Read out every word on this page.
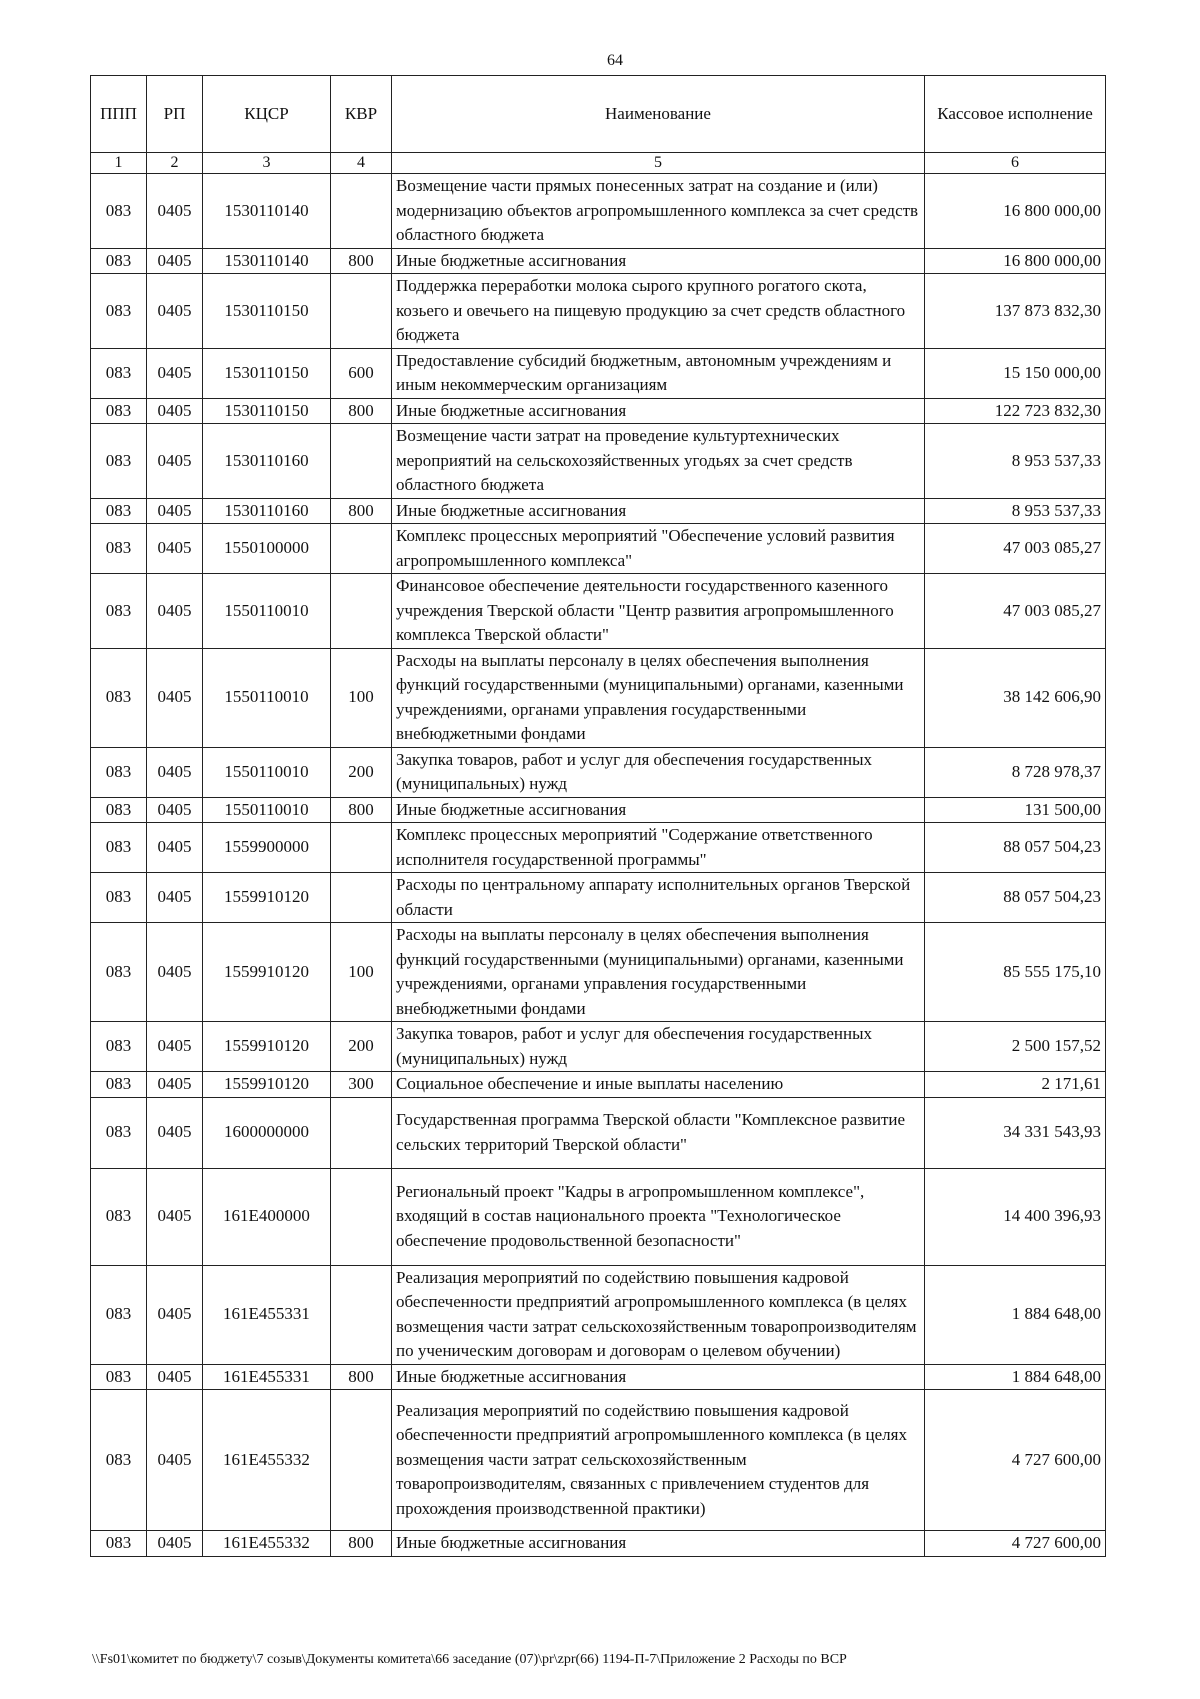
64
ППП	РП	КЦСР	КВР	Наименование	Кассовое исполнение
1	2	3	4	5	6
083	0405	1530110140		Возмещение части прямых понесенных затрат на создание и (или) модернизацию объектов агропромышленного комплекса за счет средств областного бюджета	16 800 000,00
083	0405	1530110140	800	Иные бюджетные ассигнования	16 800 000,00
083	0405	1530110150		Поддержка переработки молока сырого крупного рогатого скота, козьего и овечьего на пищевую продукцию за счет средств областного бюджета	137 873 832,30
083	0405	1530110150	600	Предоставление субсидий бюджетным, автономным учреждениям и иным некоммерческим организациям	15 150 000,00
083	0405	1530110150	800	Иные бюджетные ассигнования	122 723 832,30
083	0405	1530110160		Возмещение части затрат на проведение культуртехнических мероприятий на сельскохозяйственных угодьях за счет средств областного бюджета	8 953 537,33
083	0405	1530110160	800	Иные бюджетные ассигнования	8 953 537,33
083	0405	1550100000		Комплекс процессных мероприятий "Обеспечение условий развития агропромышленного комплекса"	47 003 085,27
083	0405	1550110010		Финансовое обеспечение деятельности государственного казенного учреждения Тверской области "Центр развития агропромышленного комплекса Тверской области"	47 003 085,27
083	0405	1550110010	100	Расходы на выплаты персоналу в целях обеспечения выполнения функций государственными (муниципальными) органами, казенными учреждениями, органами управления государственными внебюджетными фондами	38 142 606,90
083	0405	1550110010	200	Закупка товаров, работ и услуг для обеспечения государственных (муниципальных) нужд	8 728 978,37
083	0405	1550110010	800	Иные бюджетные ассигнования	131 500,00
083	0405	1559900000		Комплекс процессных мероприятий "Содержание ответственного исполнителя государственной программы"	88 057 504,23
083	0405	1559910120		Расходы по центральному аппарату исполнительных органов Тверской области	88 057 504,23
083	0405	1559910120	100	Расходы на выплаты персоналу в целях обеспечения выполнения функций государственными (муниципальными) органами, казенными учреждениями, органами управления государственными внебюджетными фондами	85 555 175,10
083	0405	1559910120	200	Закупка товаров, работ и услуг для обеспечения государственных (муниципальных) нужд	2 500 157,52
083	0405	1559910120	300	Социальное обеспечение и иные выплаты населению	2 171,61
083	0405	1600000000		Государственная программа Тверской области "Комплексное развитие сельских территорий Тверской области"	34 331 543,93
083	0405	161E400000		Региональный проект "Кадры в агропромышленном комплексе", входящий в состав национального проекта "Технологическое обеспечение продовольственной безопасности"	14 400 396,93
083	0405	161E455331		Реализация мероприятий по содействию повышения кадровой обеспеченности предприятий агропромышленного комплекса (в целях возмещения части затрат сельскохозяйственным товаропроизводителям по ученическим договорам и договорам о целевом обучении)	1 884 648,00
083	0405	161E455331	800	Иные бюджетные ассигнования	1 884 648,00
083	0405	161E455332		Реализация мероприятий по содействию повышения кадровой обеспеченности предприятий агропромышленного комплекса (в целях возмещения части затрат сельскохозяйственным товаропроизводителям, связанных с привлечением студентов для прохождения производственной практики)	4 727 600,00
083	0405	161E455332	800	Иные бюджетные ассигнования	4 727 600,00
\\Fs01\комитет по бюджету\7 созыв\Документы комитета\66 заседание (07)\pr\zpr(66) 1194-П-7\Приложение 2 Расходы по ВСР
